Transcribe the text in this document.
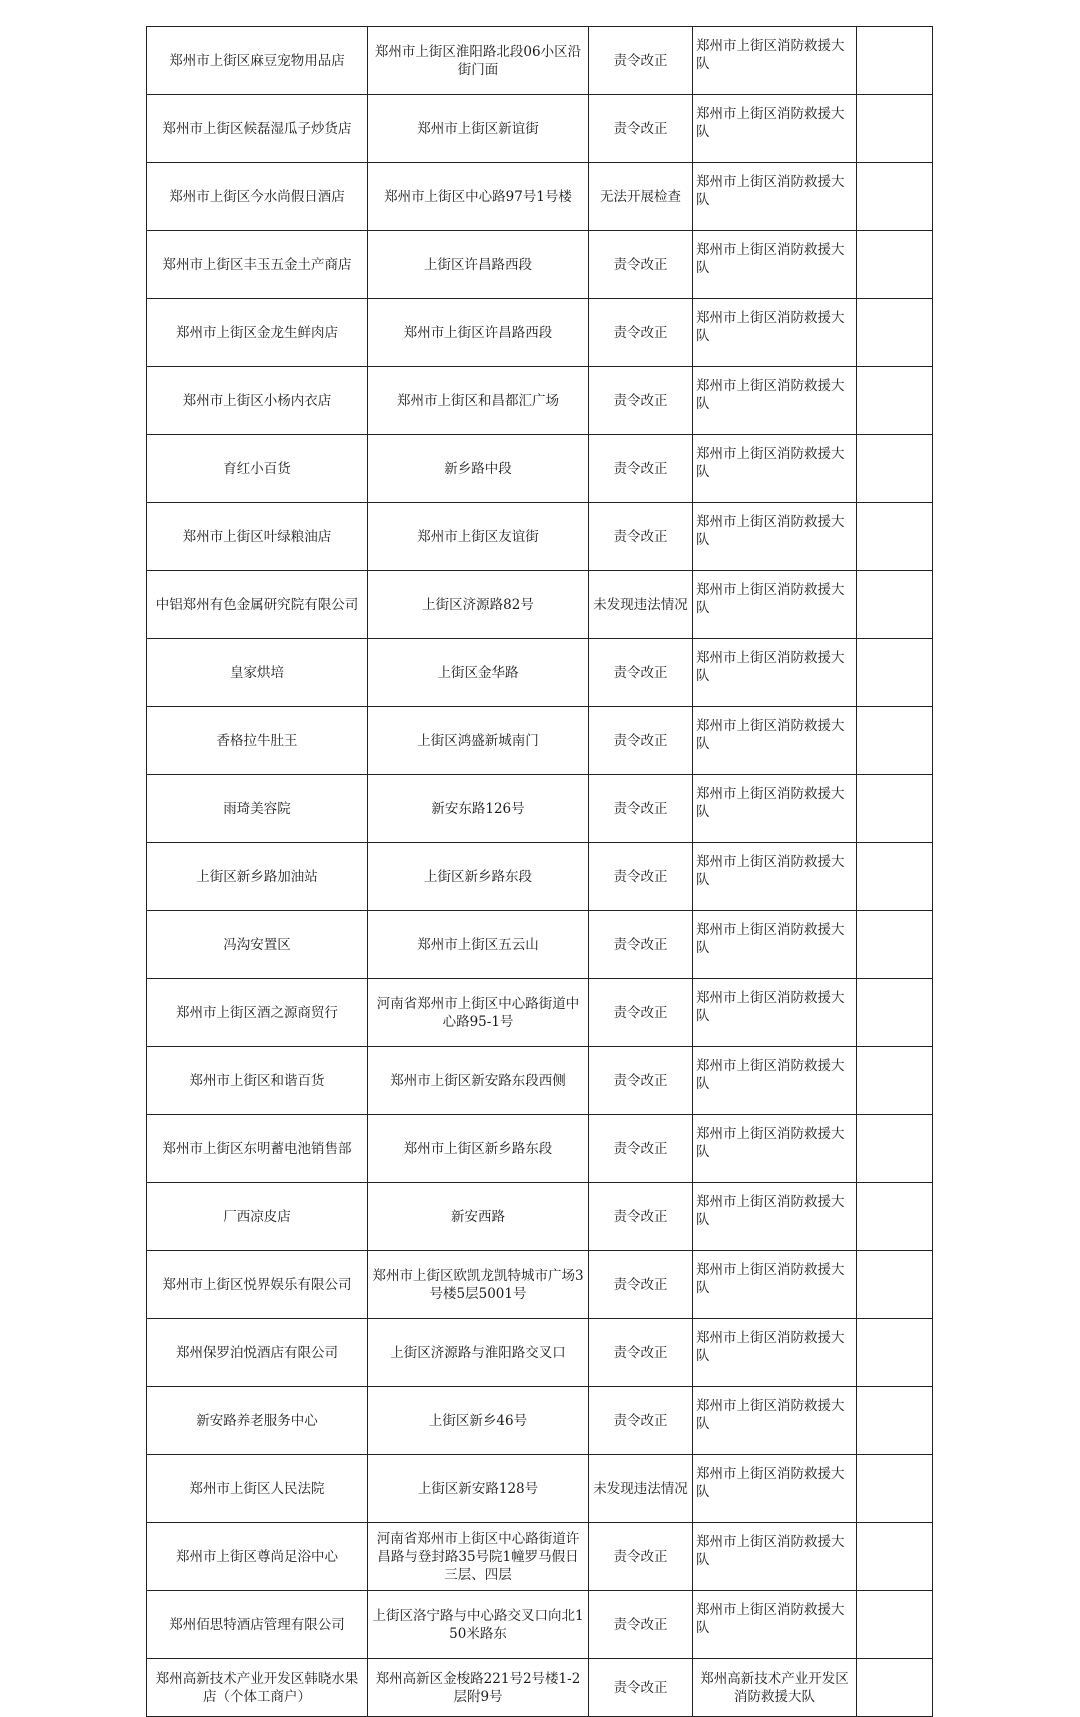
郑州市上街区麻豆宠物用品店	郑州市上街区淮阳路北段06小区沿街门面	责令改正	郑州市上街区消防救援大队	
郑州市上街区候磊湿瓜子炒货店	郑州市上街区新谊街	责令改正	郑州市上街区消防救援大队	
郑州市上街区今水尚假日酒店	郑州市上街区中心路97号1号楼	无法开展检查	郑州市上街区消防救援大队	
郑州市上街区丰玉五金土产商店	上街区许昌路西段	责令改正	郑州市上街区消防救援大队	
郑州市上街区金龙生鲜肉店	郑州市上街区许昌路西段	责令改正	郑州市上街区消防救援大队	
郑州市上街区小杨内衣店	郑州市上街区和昌都汇广场	责令改正	郑州市上街区消防救援大队	
育红小百货	新乡路中段	责令改正	郑州市上街区消防救援大队	
郑州市上街区叶绿粮油店	郑州市上街区友谊街	责令改正	郑州市上街区消防救援大队	
中铝郑州有色金属研究院有限公司	上街区济源路82号	未发现违法情况	郑州市上街区消防救援大队	
皇家烘培	上街区金华路	责令改正	郑州市上街区消防救援大队	
香格拉牛肚王	上街区鸿盛新城南门	责令改正	郑州市上街区消防救援大队	
雨琦美容院	新安东路126号	责令改正	郑州市上街区消防救援大队	
上街区新乡路加油站	上街区新乡路东段	责令改正	郑州市上街区消防救援大队	
冯沟安置区	郑州市上街区五云山	责令改正	郑州市上街区消防救援大队	
郑州市上街区酒之源商贸行	河南省郑州市上街区中心路街道中心路95-1号	责令改正	郑州市上街区消防救援大队	
郑州市上街区和谐百货	郑州市上街区新安路东段西侧	责令改正	郑州市上街区消防救援大队	
郑州市上街区东明蓄电池销售部	郑州市上街区新乡路东段	责令改正	郑州市上街区消防救援大队	
厂西凉皮店	新安西路	责令改正	郑州市上街区消防救援大队	
郑州市上街区悦界娱乐有限公司	郑州市上街区欧凯龙凯特城市广场3号楼5层5001号	责令改正	郑州市上街区消防救援大队	
郑州保罗泊悦酒店有限公司	上街区济源路与淮阳路交叉口	责令改正	郑州市上街区消防救援大队	
新安路养老服务中心	上街区新乡46号	责令改正	郑州市上街区消防救援大队	
郑州市上街区人民法院	上街区新安路128号	未发现违法情况	郑州市上街区消防救援大队	
郑州市上街区尊尚足浴中心	河南省郑州市上街区中心路街道许昌路与登封路35号院1幢罗马假日三层、四层	责令改正	郑州市上街区消防救援大队	
郑州佰思特酒店管理有限公司	上街区洛宁路与中心路交叉口向北150米路东	责令改正	郑州市上街区消防救援大队	
郑州高新技术产业开发区韩晓水果店（个体工商户）	郑州高新区金梭路221号2号楼1-2层附9号	责令改正	郑州高新技术产业开发区消防救援大队	
